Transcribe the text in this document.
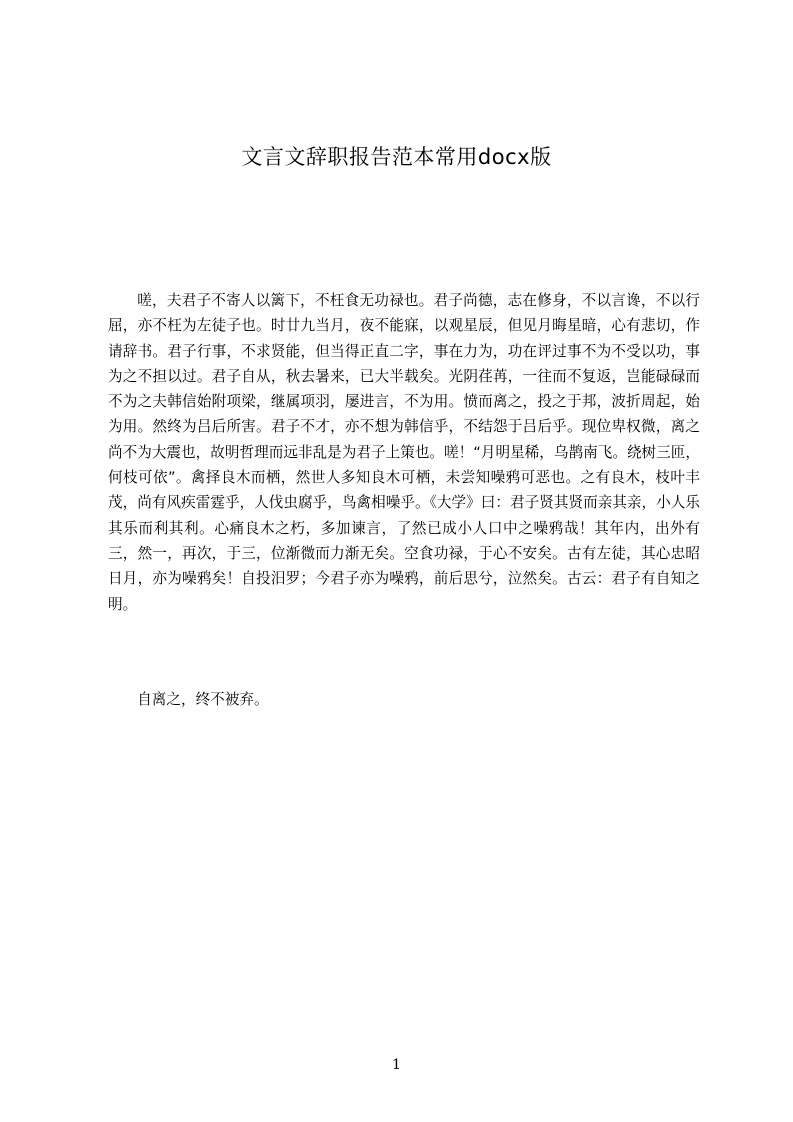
文言文辞职报告范本常用docx版

嗟，夫君子不寄人以篱下，不枉食无功禄也。君子尚德，志在修身，不以言谗，不以行屈，亦不枉为左徒子也。时廿九当月，夜不能寐，以观星辰，但见月晦星暗，心有悲切，作请辞书。君子行事，不求贤能，但当得正直二字，事在力为，功在评过事不为不受以功，事为之不担以过。君子自从，秋去暑来，已大半载矣。光阴荏苒，一往而不复返，岂能碌碌而不为之夫韩信始附项梁，继属项羽，屡进言，不为用。愤而离之，投之于邦，波折周起，始为用。然终为吕后所害。君子不才，亦不想为韩信乎，不结怨于吕后乎。现位卑权微，离之尚不为大震也，故明哲理而远非乱是为君子上策也。嗟！“月明星稀，乌鹊南飞。绕树三匝，何枝可依”。禽择良木而栖，然世人多知良木可栖，未尝知噪鸦可恶也。之有良木，枝叶丰茂，尚有风疾雷霆乎，人伐虫腐乎，鸟禽相噪乎。《大学》曰：君子贤其贤而亲其亲，小人乐其乐而利其利。心痛良木之朽，多加谏言，了然已成小人口中之噪鸦哉！其年内，出外有三，然一，再次，于三，位渐微而力渐无矣。空食功禄，于心不安矣。古有左徒，其心忠昭日月，亦为噪鸦矣！自投汨罗；今君子亦为噪鸦，前后思兮，泣然矣。古云：君子有自知之明。

自离之，终不被弃。

1
